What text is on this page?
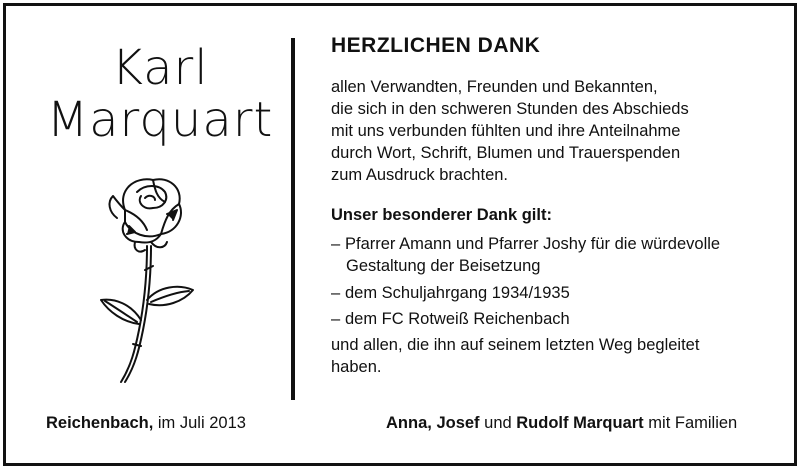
Karl
Marquart
HERZLICHEN DANK
allen Verwandten, Freunden und Bekannten,
die sich in den schweren Stunden des Abschieds
mit uns verbunden fühlten und ihre Anteilnahme
durch Wort, Schrift, Blumen und Trauerspenden
zum Ausdruck brachten.
Unser besonderer Dank gilt:
– Pfarrer Amann und Pfarrer Joshy für die würdevolle
Gestaltung der Beisetzung
– dem Schuljahrgang 1934/1935
– dem FC Rotweiß Reichenbach
und allen, die ihn auf seinem letzten Weg begleitet
haben.
Reichenbach, im Juli 2013	Anna, Josef und Rudolf Marquart mit Familien
